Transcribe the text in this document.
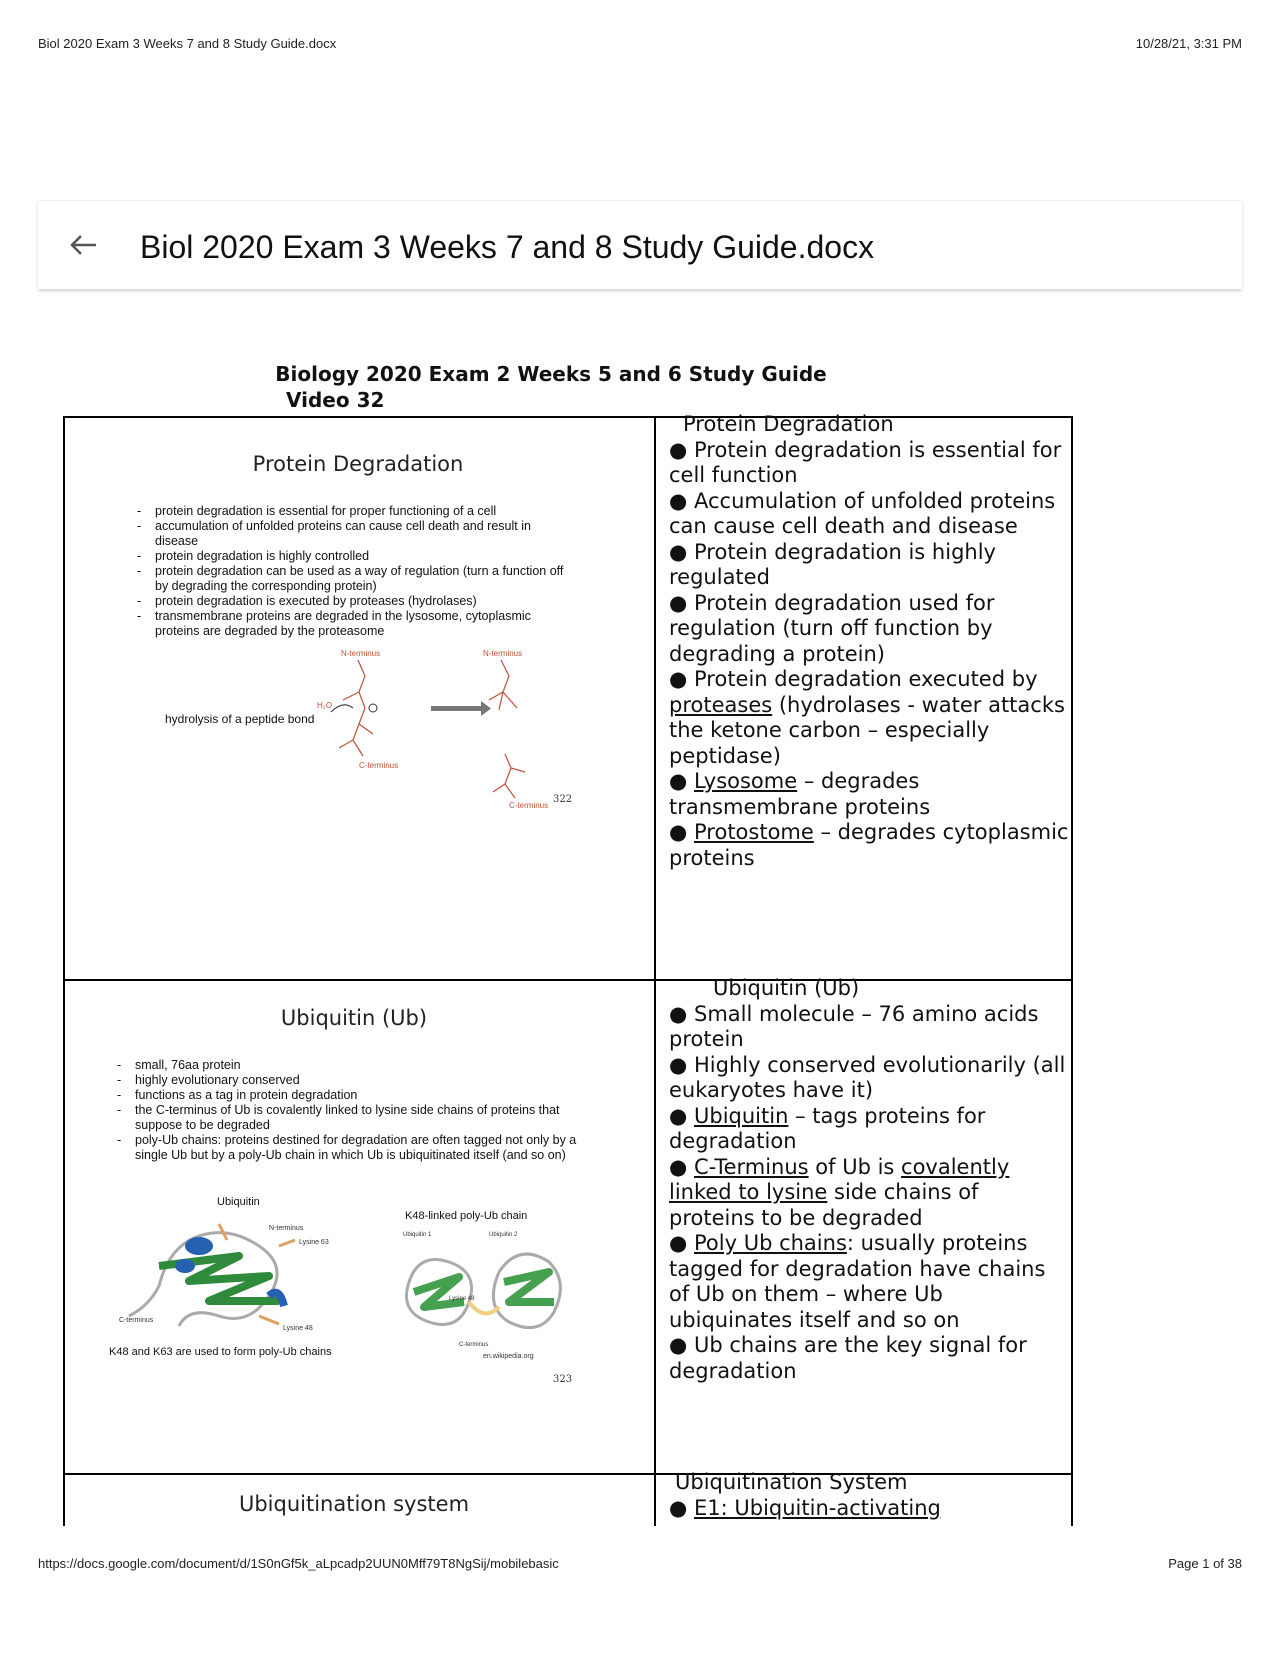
Biol 2020 Exam 3 Weeks 7 and 8 Study Guide.docx	10/28/21, 3:31 PM
Biol 2020 Exam 3 Weeks 7 and 8 Study Guide.docx
Biology 2020 Exam 2 Weeks 5 and 6 Study Guide
Video 32
Protein Degradation
- protein degradation is essential for proper functioning of a cell
- accumulation of unfolded proteins can cause cell death and result in disease
- protein degradation is highly controlled
- protein degradation can be used as a way of regulation (turn a function off by degrading the corresponding protein)
- protein degradation is executed by proteases (hydrolases)
- transmembrane proteins are degraded in the lysosome, cytoplasmic proteins are degraded by the proteasome
hydrolysis of a peptide bond
N-terminus	N-terminus
H₂O
C-terminus
C-terminus
322

Protein Degradation

● Protein degradation is essential for cell function

● Accumulation of unfolded proteins can cause cell death and disease

● Protein degradation is highly regulated

● Protein degradation used for regulation (turn off function by degrading a protein)

● Protein degradation executed by proteases (hydrolases - water attacks the ketone carbon – especially peptidase)

● Lysosome – degrades transmembrane proteins

● Protostome – degrades cytoplasmic proteins

Ubiquitin (Ub)
- small, 76aa protein
- highly evolutionary conserved
- functions as a tag in protein degradation
- the C-terminus of Ub is covalently linked to lysine side chains of proteins that suppose to be degraded
- poly-Ub chains: proteins destined for degradation are often tagged not only by a single Ub but by a poly-Ub chain in which Ub is ubiquitinated itself (and so on)
Ubiquitin
N-terminus
Lysine 63
Lysine 48
C-terminus
K48 and K63 are used to form poly-Ub chains
K48-linked poly-Ub chain
Ubiquitin 1	Ubiquitin 2
Lysine 48
C-terminus
en.wikipedia.org
323

Ubiquitin (Ub)

● Small molecule – 76 amino acids protein

● Highly conserved evolutionarily (all eukaryotes have it)

● Ubiquitin – tags proteins for degradation

● C-Terminus of Ub is covalently linked to lysine side chains of proteins to be degraded

● Poly Ub chains: usually proteins tagged for degradation have chains of Ub on them – where Ub ubiquinates itself and so on

● Ub chains are the key signal for degradation

Ubiquitination system

Ubiquitination System

● E1: Ubiquitin-activating

https://docs.google.com/document/d/1S0nGf5k_aLpcadp2UUN0Mff79T8NgSij/mobilebasic	Page 1 of 38
